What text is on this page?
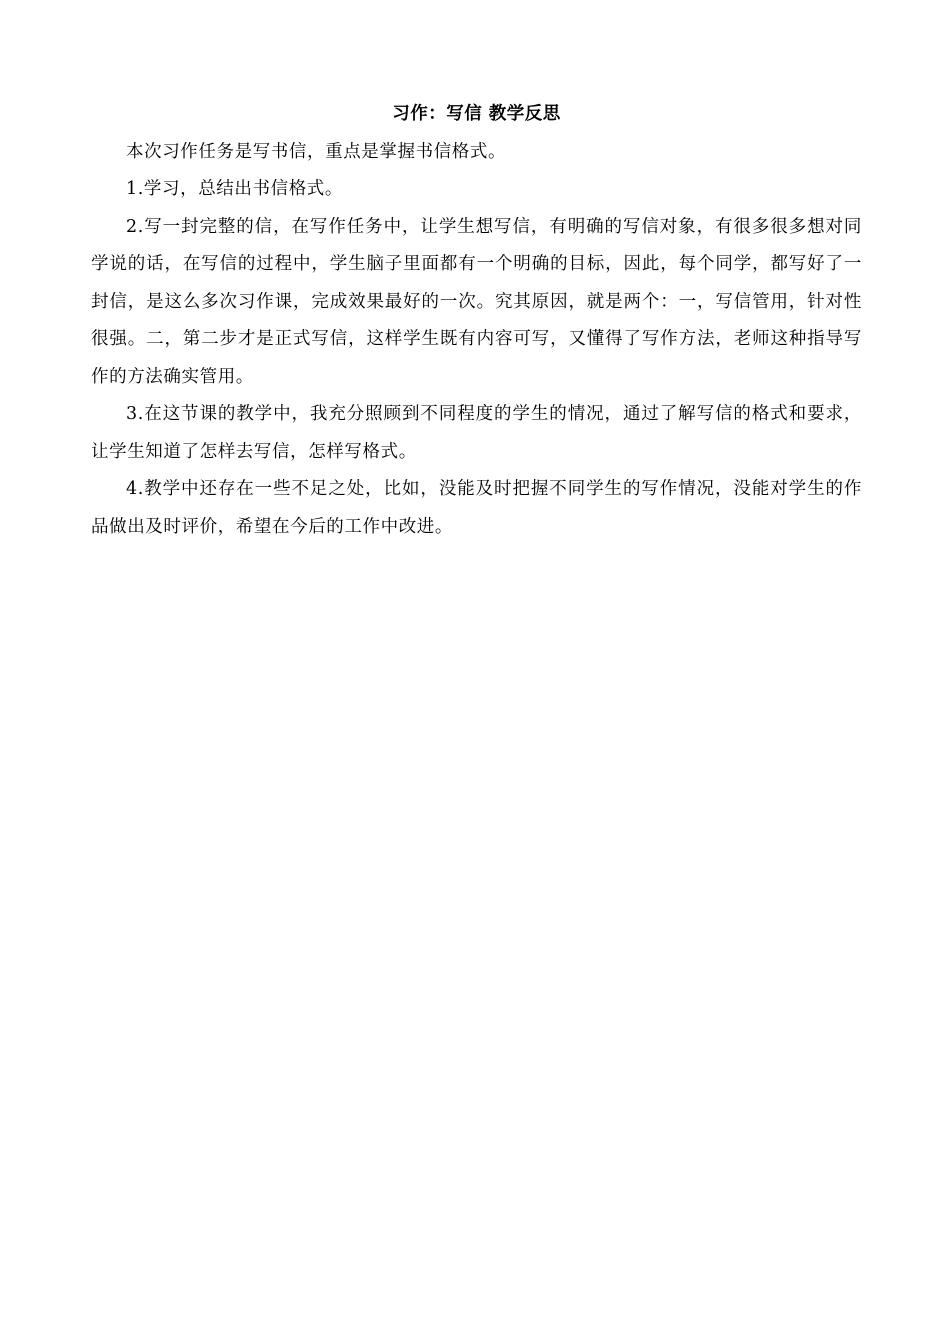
习作：写信 教学反思

本次习作任务是写书信，重点是掌握书信格式。

1.学习，总结出书信格式。

2.写一封完整的信，在写作任务中，让学生想写信，有明确的写信对象，有很多很多想对同学说的话，在写信的过程中，学生脑子里面都有一个明确的目标，因此，每个同学，都写好了一封信，是这么多次习作课，完成效果最好的一次。究其原因，就是两个：一，写信管用，针对性很强。二，第二步才是正式写信，这样学生既有内容可写，又懂得了写作方法，老师这种指导写作的方法确实管用。

3.在这节课的教学中，我充分照顾到不同程度的学生的情况，通过了解写信的格式和要求，让学生知道了怎样去写信，怎样写格式。

4.教学中还存在一些不足之处，比如，没能及时把握不同学生的写作情况，没能对学生的作品做出及时评价，希望在今后的工作中改进。
